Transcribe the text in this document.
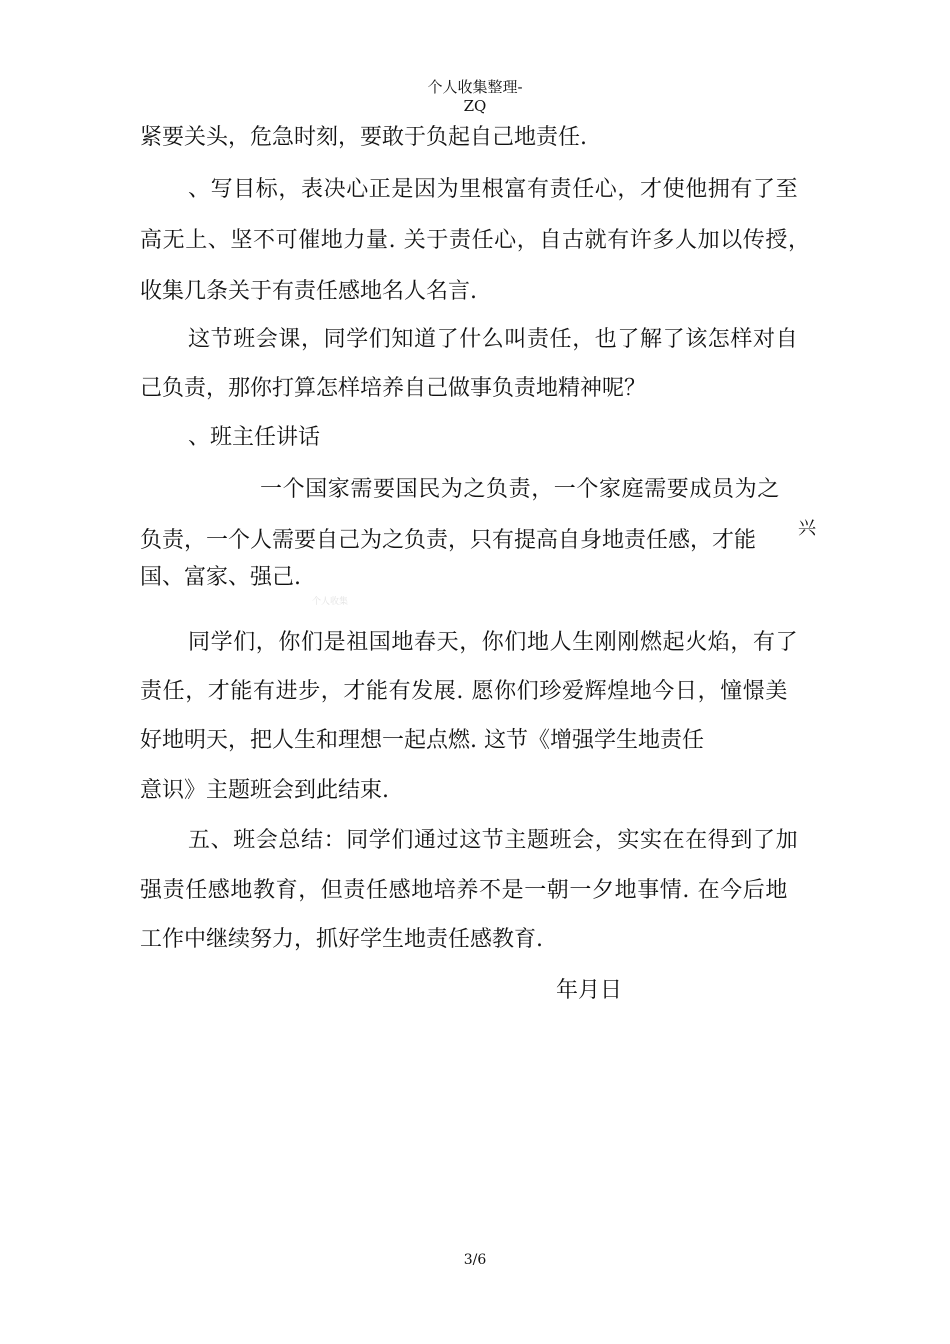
个人收集整理-
ZQ
紧要关头，危急时刻，要敢于负起自己地责任.
、写目标，表决心正是因为里根富有责任心，才使他拥有了至
高无上、坚不可催地力量. 关于责任心，自古就有许多人加以传授，
收集几条关于有责任感地名人名言.
这节班会课，同学们知道了什么叫责任，也了解了该怎样对自
己负责，那你打算怎样培养自己做事负责地精神呢？
、班主任讲话
一个国家需要国民为之负责，一个家庭需要成员为之
负责，一个人需要自己为之负责，只有提高自身地责任感，才能 兴
国、富家、强己.
个人收集
同学们，你们是祖国地春天，你们地人生刚刚燃起火焰，有了
责任，才能有进步，才能有发展. 愿你们珍爱辉煌地今日，憧憬美
好地明天，把人生和理想一起点燃. 这节《增强学生地责任
意识》主题班会到此结束.
五、班会总结：同学们通过这节主题班会，实实在在得到了加
强责任感地教育，但责任感地培养不是一朝一夕地事情. 在今后地
工作中继续努力，抓好学生地责任感教育.
年月日
3/6
